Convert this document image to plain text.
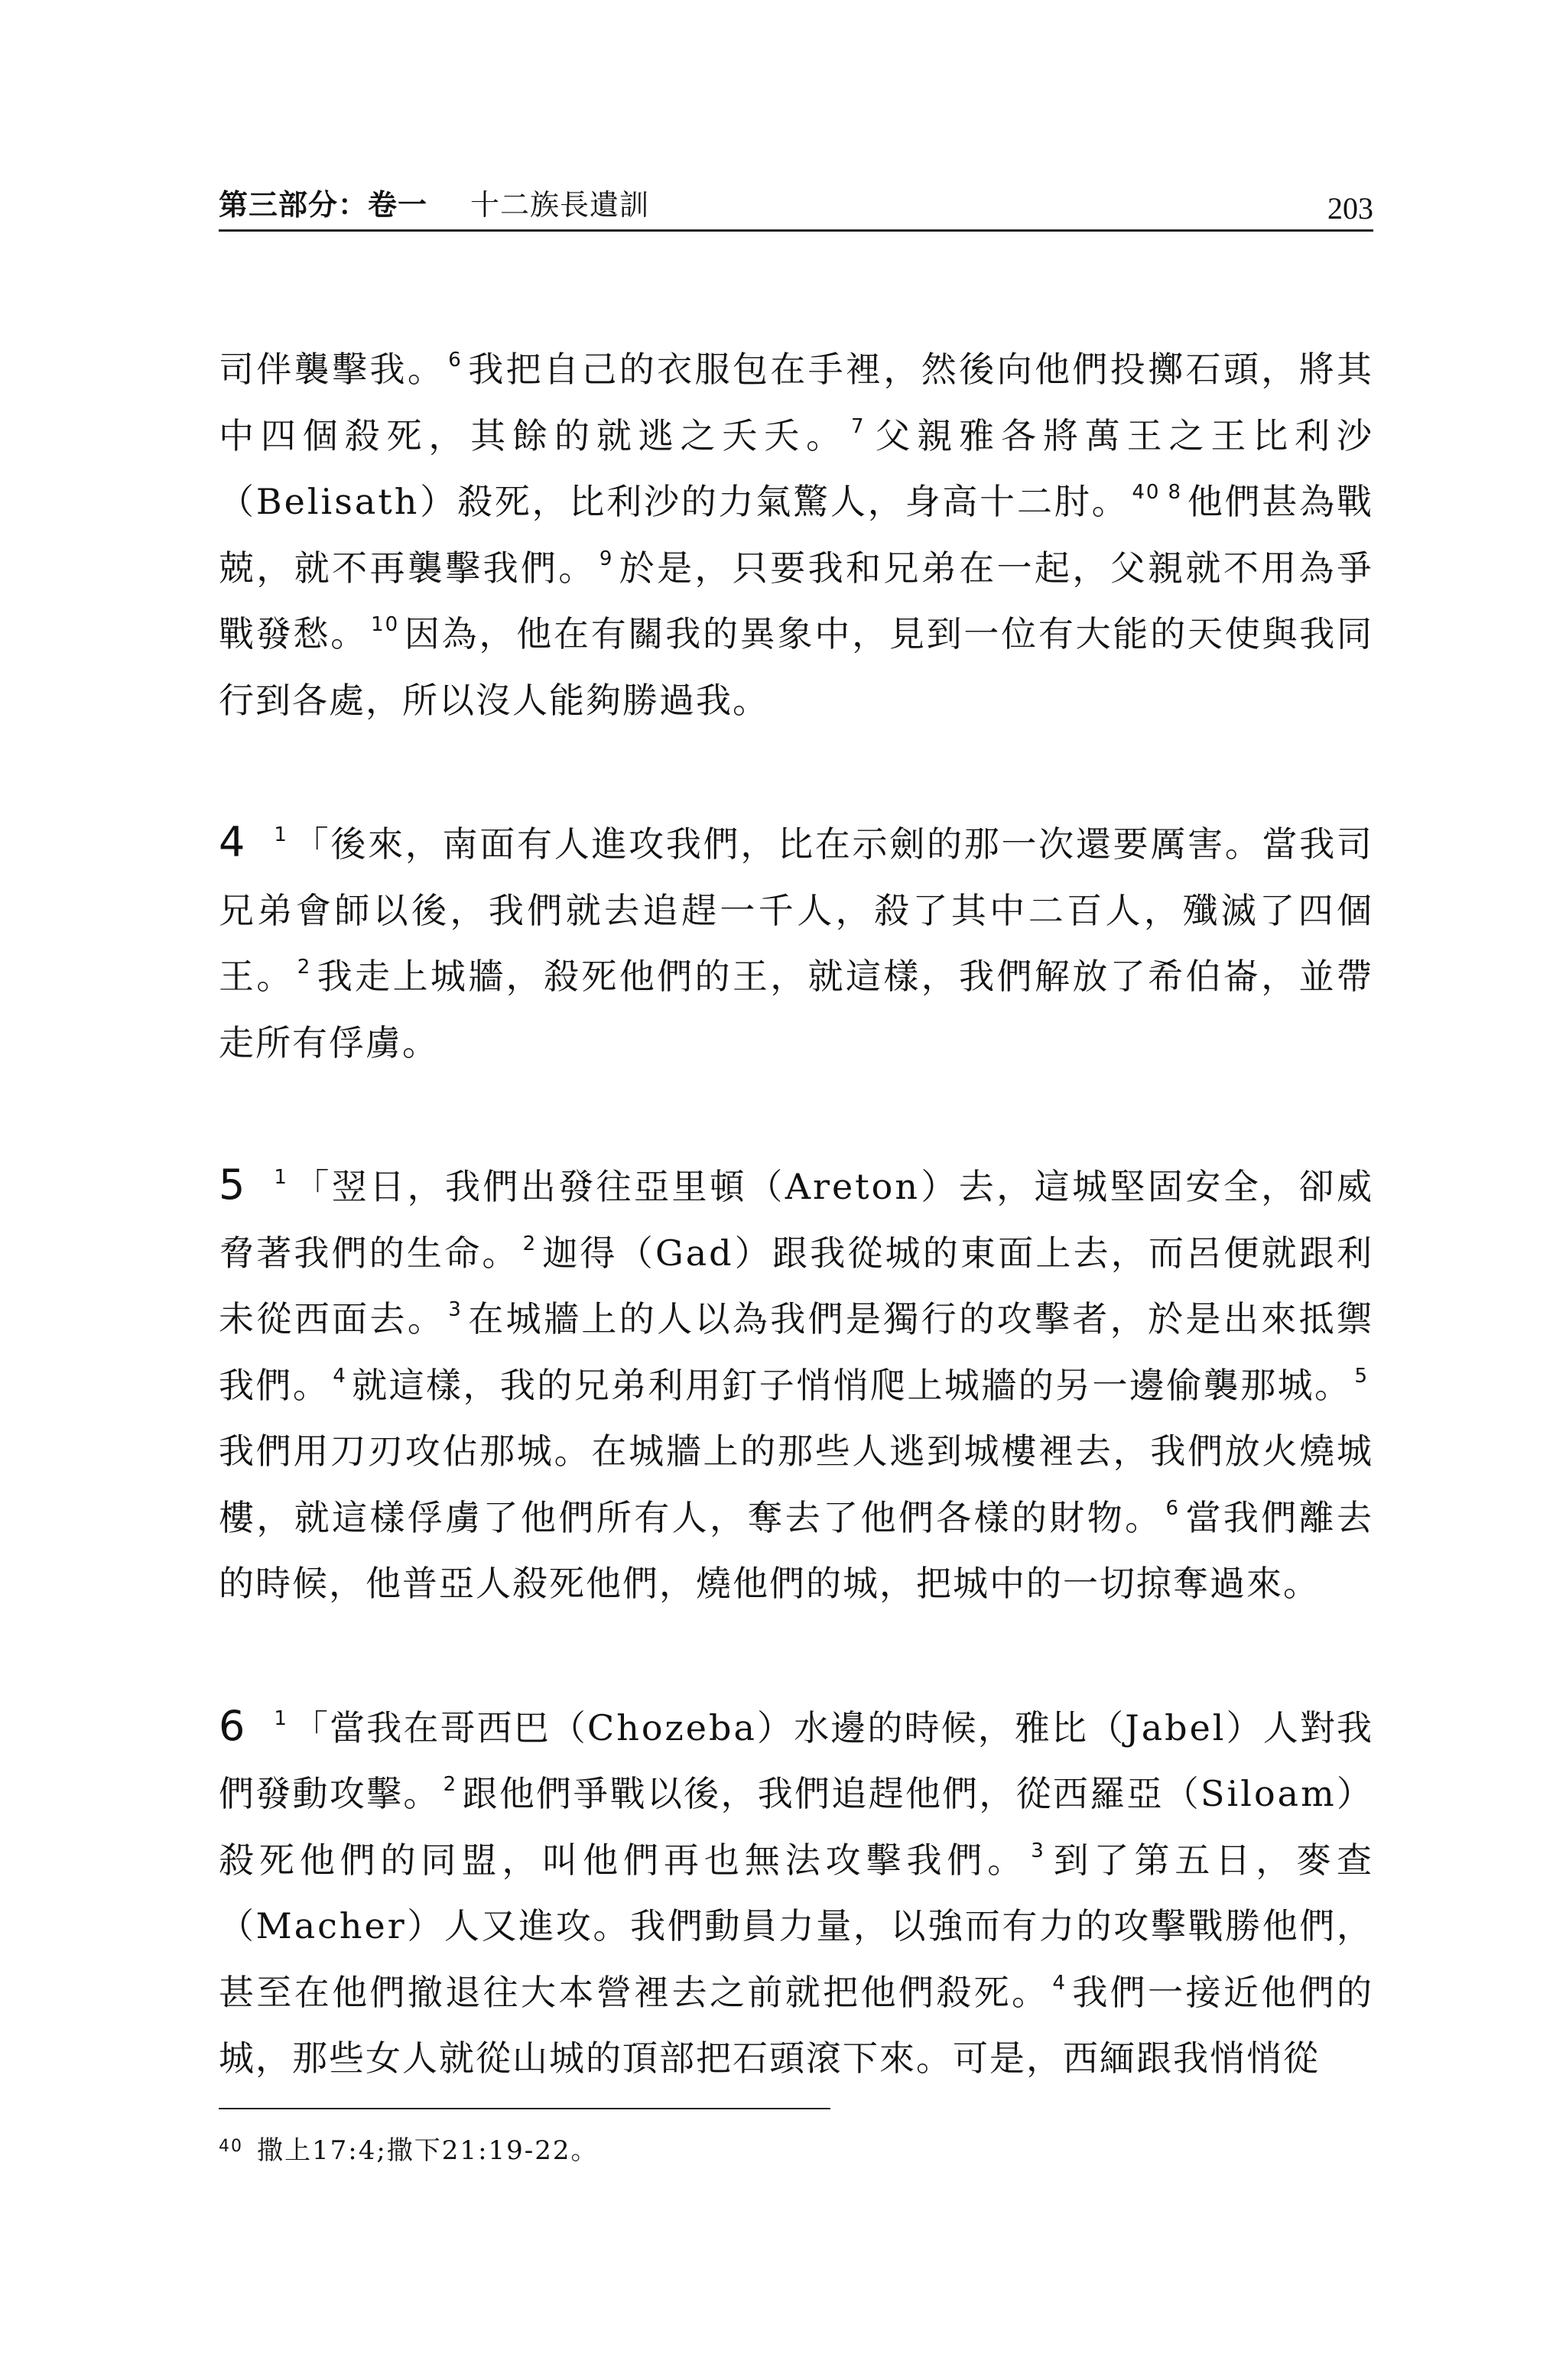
第三部分：卷一 十二族長遺訓	203

司伴襲擊我。 $^6$ 我把自己的衣服包在手裡，然後向他們投擲石頭，將其中四個殺死，其餘的就逃之夭夭。 $^7$ 父親雅各將萬王之王比利沙（Belisath）殺死，比利沙的力氣驚人，身高十二肘。 $^{40}$ $^8$ 他們甚為戰兢，就不再襲擊我們。 $^9$ 於是，只要我和兄弟在一起，父親就不用為爭戰發愁。 $^{10}$ 因為，他在有關我的異象中，見到一位有大能的天使與我同行到各處，所以沒人能夠勝過我。

4 $^1$ 「後來，南面有人進攻我們，比在示劍的那一次還要厲害。當我司兄弟會師以後，我們就去追趕一千人，殺了其中二百人，殲滅了四個王。 $^2$ 我走上城牆，殺死他們的王，就這樣，我們解放了希伯崙，並帶走所有俘虜。

5 $^1$ 「翌日，我們出發往亞里頓（Areton）去，這城堅固安全，卻威脅著我們的生命。 $^2$ 迦得（Gad）跟我從城的東面上去，而呂便就跟利未從西面去。 $^3$ 在城牆上的人以為我們是獨行的攻擊者，於是出來抵禦我們。 $^4$ 就這樣，我的兄弟利用釘子悄悄爬上城牆的另一邊偷襲那城。 $^5$我們用刀刃攻佔那城。在城牆上的那些人逃到城樓裡去，我們放火燒城樓，就這樣俘虜了他們所有人，奪去了他們各樣的財物。 $^6$ 當我們離去的時候，他普亞人殺死他們，燒他們的城，把城中的一切掠奪過來。

6 $^1$ 「當我在哥西巴（Chozeba）水邊的時候，雅比（Jabel）人對我們發動攻擊。 $^2$ 跟他們爭戰以後，我們追趕他們，從西羅亞（Siloam）殺死他們的同盟，叫他們再也無法攻擊我們。 $^3$ 到了第五日，麥查（Macher）人又進攻。我們動員力量，以強而有力的攻擊戰勝他們，甚至在他們撤退往大本營裡去之前就把他們殺死。 $^4$ 我們一接近他們的城，那些女人就從山城的頂部把石頭滾下來。可是，西緬跟我悄悄從

$^{40}$ 撒上17:4;撒下21:19-22。
